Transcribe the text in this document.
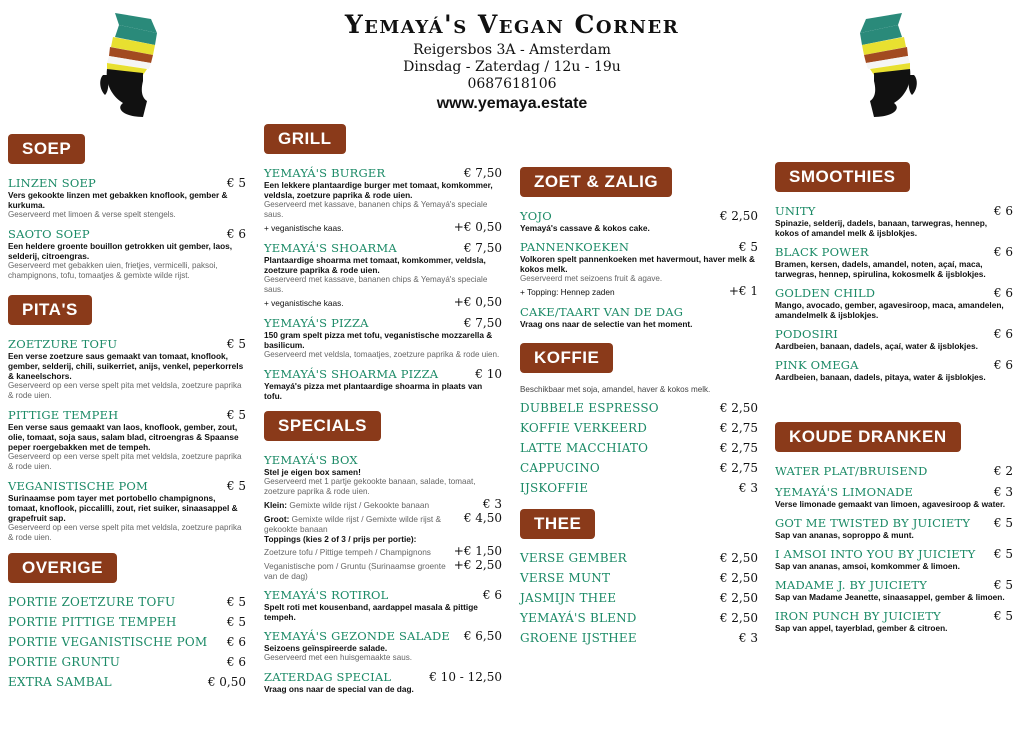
Yemayá's Vegan Corner
Reigersbos 3A - Amsterdam
Dinsdag - Zaterdag / 12u - 19u
0687618106
www.yemaya.estate
SOEP
LINZEN SOEP	€ 5
Vers gekookte linzen met gebakken knoflook, gember & kurkuma.
Geserveerd met limoen & verse spelt stengels.
SAOTO SOEP	€ 6
Een heldere groente bouillon getrokken uit gember, laos, selderij, citroengras.
Geserveerd met gebakken uien, frietjes, vermicelli, paksoi, champignons, tofu, tomaatjes & gemixte wilde rijst.
PITA'S
ZOETZURE TOFU	€ 5
Een verse zoetzure saus gemaakt van tomaat, knoflook, gember, selderij, chili, suikerriet, anijs, venkel, peperkorrels & kaneelschors.
Geserveerd op een verse spelt pita met veldsla, zoetzure paprika & rode uien.
PITTIGE TEMPEH	€ 5
Een verse saus gemaakt van laos, knoflook, gember, zout, olie, tomaat, soja saus, salam blad, citroengras & Spaanse peper roergebakken met de tempeh.
Geserveerd op een verse spelt pita met veldsla, zoetzure paprika & rode uien.
VEGANISTISCHE POM	€ 5
Surinaamse pom tayer met portobello champignons, tomaat, knoflook, piccalilli, zout, riet suiker, sinaasappel & grapefruit sap.
Geserveerd op een verse spelt pita met veldsla, zoetzure paprika & rode uien.
OVERIGE
PORTIE ZOETZURE TOFU	€ 5
PORTIE PITTIGE TEMPEH	€ 5
PORTIE VEGANISTISCHE POM	€ 6
PORTIE GRUNTU	€ 6
EXTRA SAMBAL	€ 0,50
GRILL
YEMAYÁ'S BURGER	€ 7,50
Een lekkere plantaardige burger met tomaat, komkommer, veldsla, zoetzure paprika & rode uien.
Geserveerd met kassave, bananen chips & Yemayá's speciale saus.
+ veganistische kaas.	+€ 0,50
YEMAYÁ'S SHOARMA	€ 7,50
Plantaardige shoarma met tomaat, komkommer, veldsla, zoetzure paprika & rode uien.
Geserveerd met kassave, bananen chips & Yemayá's speciale saus.
+ veganistische kaas.	+€ 0,50
YEMAYÁ'S PIZZA	€ 7,50
150 gram spelt pizza met tofu, veganistische mozzarella & basilicum.
Geserveerd met veldsla, tomaatjes, zoetzure paprika & rode uien.
YEMAYÁ'S SHOARMA PIZZA	€ 10
Yemayá's pizza met plantaardige shoarma in plaats van tofu.
SPECIALS
YEMAYÁ'S BOX
Stel je eigen box samen!
Geserveerd met 1 partje gekookte banaan, salade, tomaat, zoetzure paprika & rode uien.
Klein: Gemixte wilde rijst / Gekookte banaan	€ 3
Groot: Gemixte wilde rijst / Gemixte wilde rijst & gekookte banaan
€ 4,50
Toppings (kies 2 of 3 / prijs per portie):
Zoetzure tofu / Pittige tempeh / Champignons +€ 1,50
Veganistische pom / Gruntu (Surinaamse groente van de dag)
+€ 2,50
YEMAYÁ'S ROTIROL	€ 6
Spelt roti met kousenband, aardappel masala & pittige tempeh.
YEMAYÁ'S GEZONDE SALADE	€ 6,50
Seizoens geïnspireerde salade.
Geserveerd met een huisgemaakte saus.
ZATERDAG SPECIAL	€ 10 - 12,50
Vraag ons naar de special van de dag.
ZOET & ZALIG
YOJO	€ 2,50
Yemayá's cassave & kokos cake.
PANNENKOEKEN	€ 5
Volkoren spelt pannenkoeken met havermout, haver melk & kokos melk.
Geserveerd met seizoens fruit & agave.
+ Topping: Hennep zaden	+€ 1
CAKE/TAART VAN DE DAG
Vraag ons naar de selectie van het moment.
KOFFIE
Beschikbaar met soja, amandel, haver & kokos melk.
DUBBELE ESPRESSO	€ 2,50
KOFFIE VERKEERD	€ 2,75
LATTE MACCHIATO	€ 2,75
CAPPUCINO	€ 2,75
IJSKOFFIE	€ 3
THEE
VERSE GEMBER	€ 2,50
VERSE MUNT	€ 2,50
JASMIJN THEE	€ 2,50
YEMAYÁ'S BLEND	€ 2,50
GROENE IJSTHEE	€ 3
SMOOTHIES
UNITY	€ 6
Spinazie, selderij, dadels, banaan, tarwegras, hennep, kokos of amandel melk & ijsblokjes.
BLACK POWER	€ 6
Bramen, kersen, dadels, amandel, noten, açaí, maca, tarwegras, hennep, spirulina, kokosmelk & ijsblokjes.
GOLDEN CHILD	€ 6
Mango, avocado, gember, agavesiroop, maca, amandelen, amandelmelk & ijsblokjes.
PODOSIRI	€ 6
Aardbeien, banaan, dadels, açaí, water & ijsblokjes.
PINK OMEGA	€ 6
Aardbeien, banaan, dadels, pitaya, water & ijsblokjes.
KOUDE DRANKEN
WATER PLAT/BRUISEND	€ 2
YEMAYÁ'S LIMONADE	€ 3
Verse limonade gemaakt van limoen, agavesiroop & water.
GOT ME TWISTED BY JUICIETY	€ 5
Sap van ananas, soproppo & munt.
I AMSOI INTO YOU BY JUICIETY	€ 5
Sap van ananas, amsoi, komkommer & limoen.
MADAME J. BY JUICIETY	€ 5
Sap van Madame Jeanette, sinaasappel, gember & limoen.
IRON PUNCH BY JUICIETY	€ 5
Sap van appel, tayerblad, gember & citroen.
